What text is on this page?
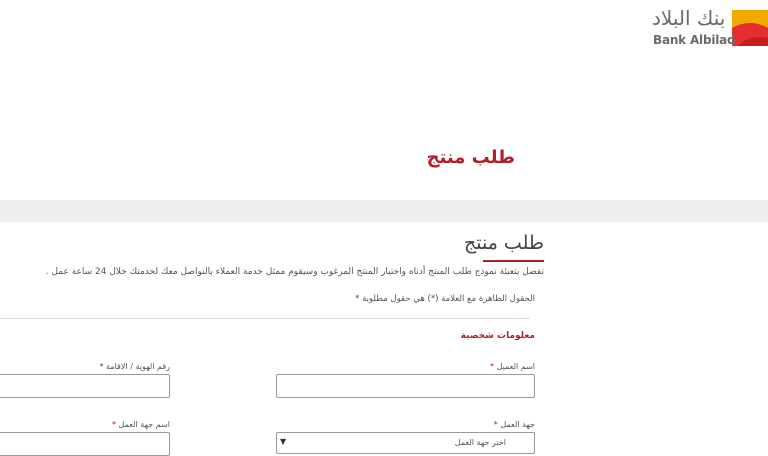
بنك البلاد
Bank Albilad
طلب منتج
طلب منتج
تفضل بتعبئة نموذج طلب المنتج أدناه واختيار المنتج المرغوب وسيقوم ممثل خدمة العملاء بالتواصل معك لخدمتك خلال 24 ساعة عمل .
الحقول الظاهرة مع العلامة (*) هي حقول مطلوبة *
معلومات شخصية
اسم العميل *
رقم الهوية / الاقامة *
جهة العمل *
اختر جهة العمل
▼
اسم جهة العمل *
